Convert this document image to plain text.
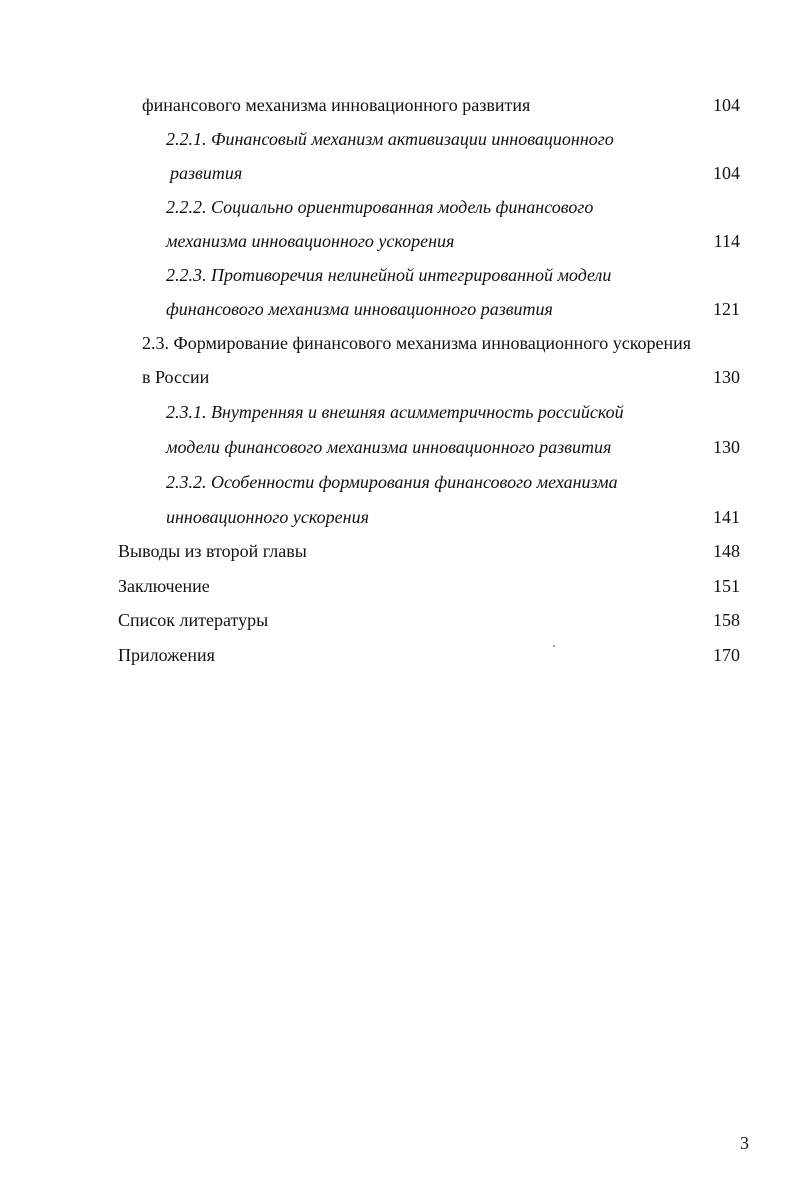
финансового механизма инновационного развития	104
2.2.1. Финансовый механизм активизации инновационного
развития	104
2.2.2. Социально ориентированная модель финансового
механизма инновационного ускорения	114
2.2.3. Противоречия нелинейной интегрированной модели
финансового механизма инновационного развития	121
2.3. Формирование финансового механизма инновационного ускорения
в России	130
2.3.1. Внутренняя и внешняя асимметричность российской
модели финансового механизма инновационного развития	130
2.3.2. Особенности формирования финансового механизма
инновационного ускорения	141
Выводы из второй главы	148
Заключение	151
Список литературы	158
Приложения	170
3
